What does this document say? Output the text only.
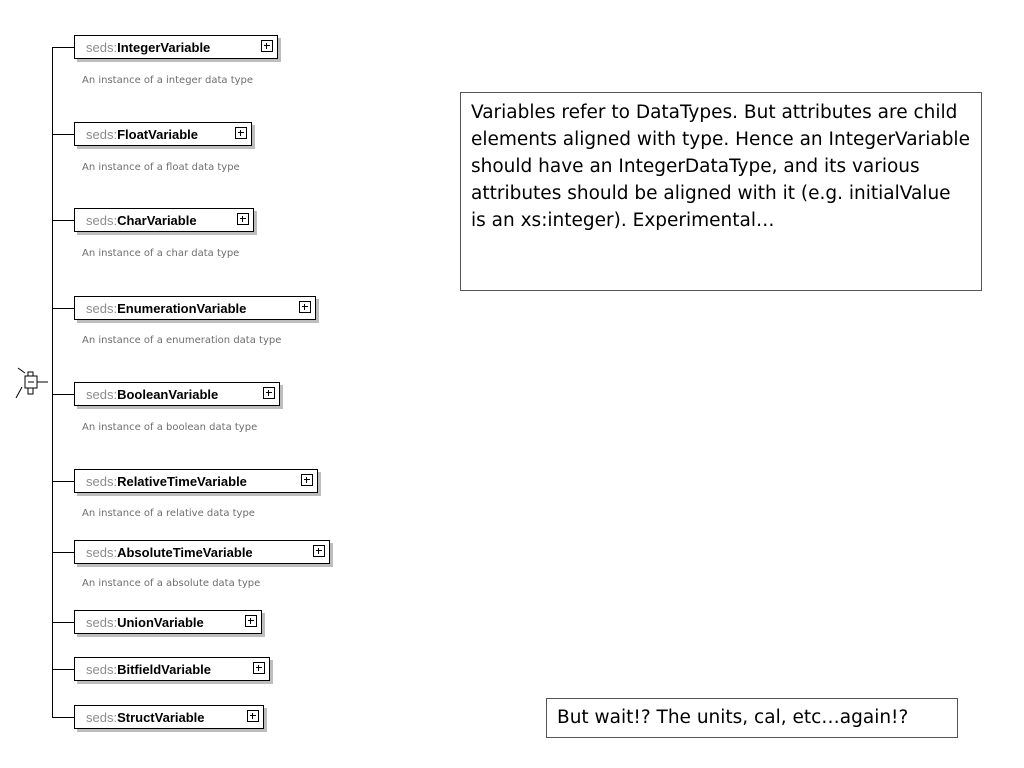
seds:IntegerVariable
An instance of a integer data type
seds:FloatVariable
An instance of a float data type
seds:CharVariable
An instance of a char data type
seds:EnumerationVariable
An instance of a enumeration data type
seds:BooleanVariable
An instance of a boolean data type
seds:RelativeTimeVariable
An instance of a relative data type
seds:AbsoluteTimeVariable
An instance of a absolute data type
seds:UnionVariable
seds:BitfieldVariable
seds:StructVariable
Variables refer to DataTypes. But attributes are child elements aligned with type. Hence an IntegerVariable should have an IntegerDataType, and its various attributes should be aligned with it (e.g. initialValue is an xs:integer). Experimental…
But wait!? The units, cal, etc…again!?
